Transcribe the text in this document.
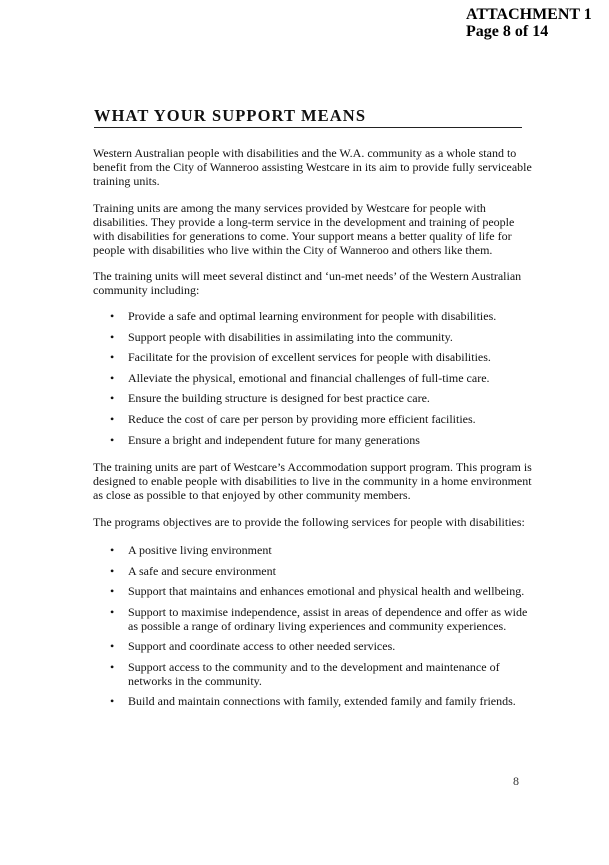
ATTACHMENT 1
Page 8 of 14
WHAT YOUR SUPPORT MEANS
Western Australian people with disabilities and the W.A. community as a whole stand to benefit from the City of Wanneroo assisting Westcare in its aim to provide fully serviceable training units.
Training units are among the many services provided by Westcare for people with disabilities. They provide a long-term service in the development and training of people with disabilities for generations to come. Your support means a better quality of life for people with disabilities who live within the City of Wanneroo and others like them.
The training units will meet several distinct and ‘un-met needs’ of the Western Australian community including:
• Provide a safe and optimal learning environment for people with disabilities.
• Support people with disabilities in assimilating into the community.
• Facilitate for the provision of excellent services for people with disabilities.
• Alleviate the physical, emotional and financial challenges of full-time care.
• Ensure the building structure is designed for best practice care.
• Reduce the cost of care per person by providing more efficient facilities.
• Ensure a bright and independent future for many generations
The training units are part of Westcare’s Accommodation support program. This program is designed to enable people with disabilities to live in the community in a home environment as close as possible to that enjoyed by other community members.
The programs objectives are to provide the following services for people with disabilities:
• A positive living environment
• A safe and secure environment
• Support that maintains and enhances emotional and physical health and wellbeing.
• Support to maximise independence, assist in areas of dependence and offer as wide as possible a range of ordinary living experiences and community experiences.
• Support and coordinate access to other needed services.
• Support access to the community and to the development and maintenance of networks in the community.
• Build and maintain connections with family, extended family and family friends.
8
